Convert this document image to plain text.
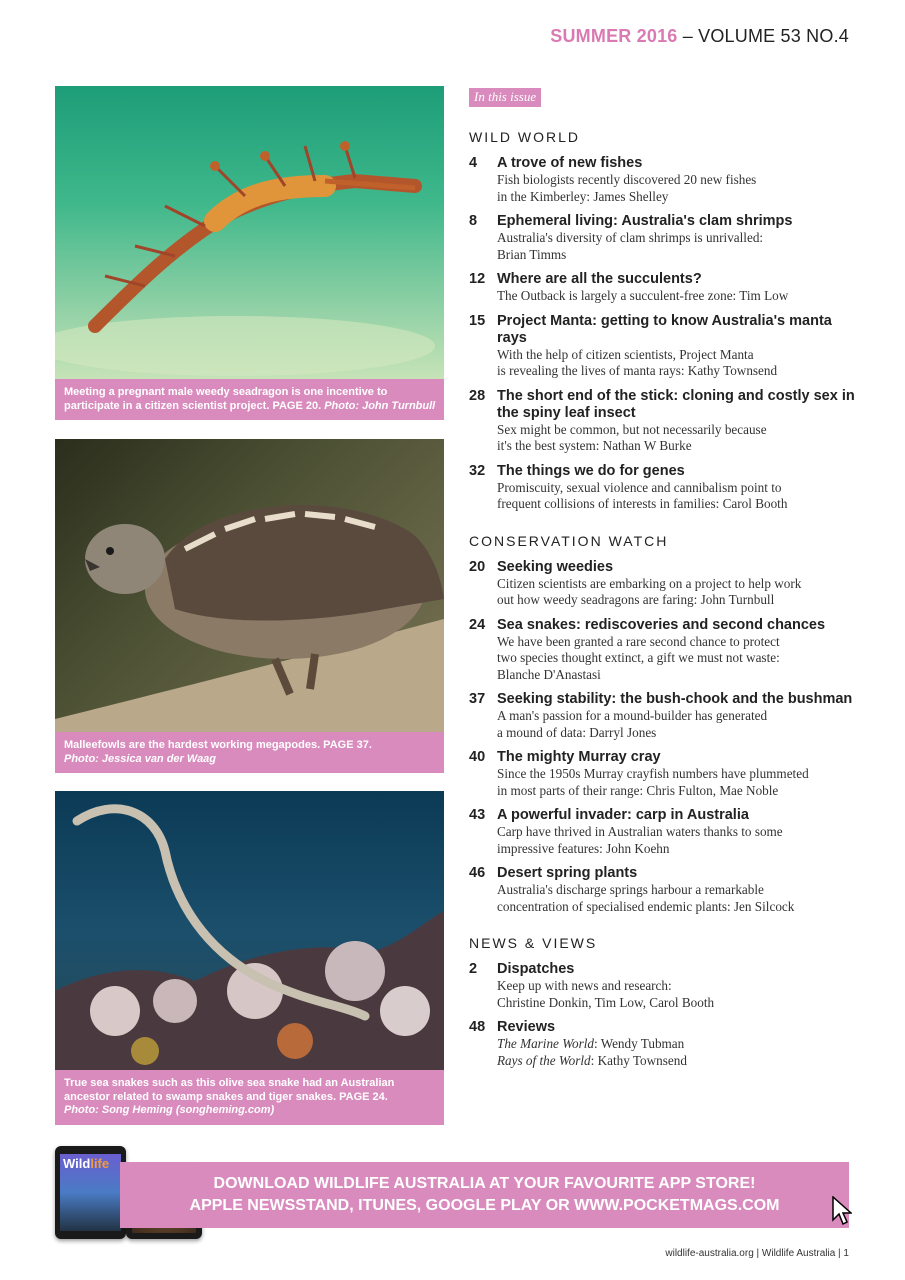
SUMMER 2016 – VOLUME 53 NO.4
Meeting a pregnant male weedy seadragon is one incentive to participate in a citizen scientist project. PAGE 20. Photo: John Turnbull
Malleefowls are the hardest working megapodes. PAGE 37.
Photo: Jessica van der Waag
True sea snakes such as this olive sea snake had an Australian ancestor related to swamp snakes and tiger snakes. PAGE 24.
Photo: Song Heming (songheming.com)
In this issue
WILD WORLD
4	A trove of new fishes
Fish biologists recently discovered 20 new fishes
in the Kimberley: James Shelley
8	Ephemeral living: Australia's clam shrimps
Australia's diversity of clam shrimps is unrivalled:
Brian Timms
12 Where are all the succulents?
The Outback is largely a succulent-free zone: Tim Low
15 Project Manta: getting to know Australia's manta rays
With the help of citizen scientists, Project Manta
is revealing the lives of manta rays: Kathy Townsend
28 The short end of the stick: cloning and costly sex in the spiny leaf insect
Sex might be common, but not necessarily because
it's the best system: Nathan W Burke
32 The things we do for genes
Promiscuity, sexual violence and cannibalism point to
frequent collisions of interests in families: Carol Booth
CONSERVATION WATCH
20 Seeking weedies
Citizen scientists are embarking on a project to help work
out how weedy seadragons are faring: John Turnbull
24 Sea snakes: rediscoveries and second chances
We have been granted a rare second chance to protect
two species thought extinct, a gift we must not waste:
Blanche D'Anastasi
37 Seeking stability: the bush-chook and the bushman
A man's passion for a mound-builder has generated
a mound of data: Darryl Jones
40 The mighty Murray cray
Since the 1950s Murray crayfish numbers have plummeted
in most parts of their range: Chris Fulton, Mae Noble
43 A powerful invader: carp in Australia
Carp have thrived in Australian waters thanks to some
impressive features: John Koehn
46 Desert spring plants
Australia's discharge springs harbour a remarkable
concentration of specialised endemic plants: Jen Silcock
NEWS & VIEWS
2	Dispatches
Keep up with news and research:
Christine Donkin, Tim Low, Carol Booth
48 Reviews
The Marine World: Wendy Tubman
Rays of the World: Kathy Townsend
Wildlife
DOWNLOAD WILDLIFE AUSTRALIA AT YOUR FAVOURITE APP STORE!
APPLE NEWSSTAND, ITUNES, GOOGLE PLAY OR WWW.POCKETMAGS.COM
wildlife-australia.org | Wildlife Australia | 1
